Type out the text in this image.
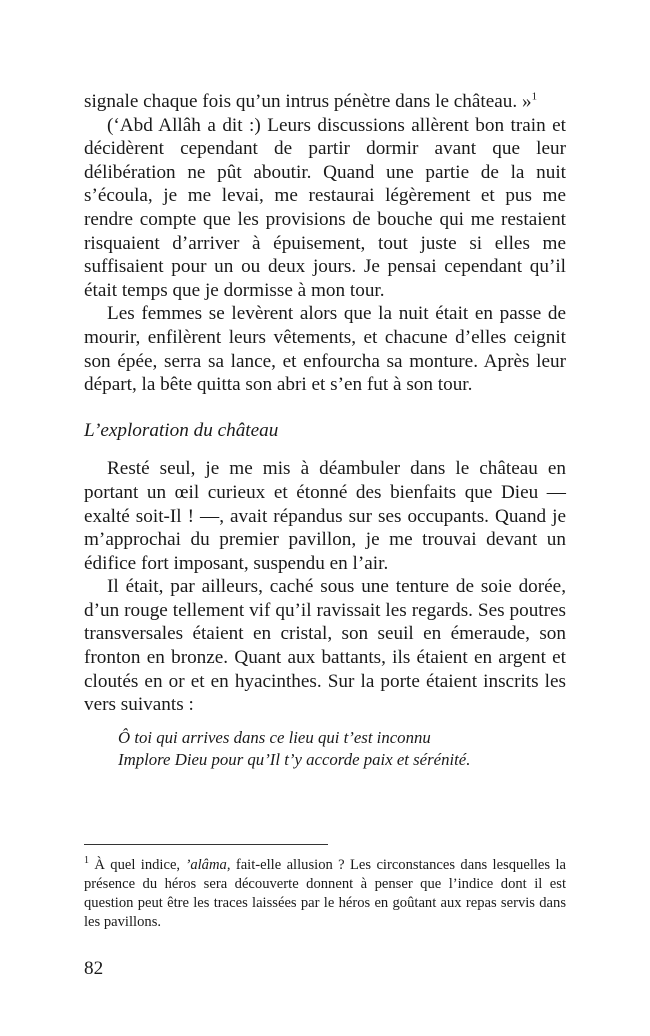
signale chaque fois qu’un intrus pénètre dans le château. »$^1$

(‘Abd Allâh a dit :) Leurs discussions allèrent bon train et décidèrent cependant de partir dormir avant que leur délibération ne pût aboutir. Quand une partie de la nuit s’écoula, je me levai, me restaurai légèrement et pus me rendre compte que les provisions de bouche qui me restaient risquaient d’arriver à épuisement, tout juste si elles me suffisaient pour un ou deux jours. Je pensai cependant qu’il était temps que je dormisse à mon tour.

Les femmes se levèrent alors que la nuit était en passe de mourir, enfilèrent leurs vêtements, et chacune d’elles ceignit son épée, serra sa lance, et enfourcha sa monture. Après leur départ, la bête quitta son abri et s’en fut à son tour.

L’exploration du château

Resté seul, je me mis à déambuler dans le château en portant un œil curieux et étonné des bienfaits que Dieu — exalté soit-Il ! —, avait répandus sur ses occupants. Quand je m’approchai du premier pavillon, je me trouvai devant un édifice fort imposant, suspendu en l’air.

Il était, par ailleurs, caché sous une tenture de soie dorée, d’un rouge tellement vif qu’il ravissait les regards. Ses poutres transversales étaient en cristal, son seuil en émeraude, son fronton en bronze. Quant aux battants, ils étaient en argent et cloutés en or et en hyacinthes. Sur la porte étaient inscrits les vers suivants :

Ô toi qui arrives dans ce lieu qui t’est inconnu
Implore Dieu pour qu’Il t’y accorde paix et sérénité.
$^1$ À quel indice, ’alâma, fait-elle allusion ? Les circonstances dans lesquelles la présence du héros sera découverte donnent à penser que l’indice dont il est question peut être les traces laissées par le héros en goûtant aux repas servis dans les pavillons.
82
